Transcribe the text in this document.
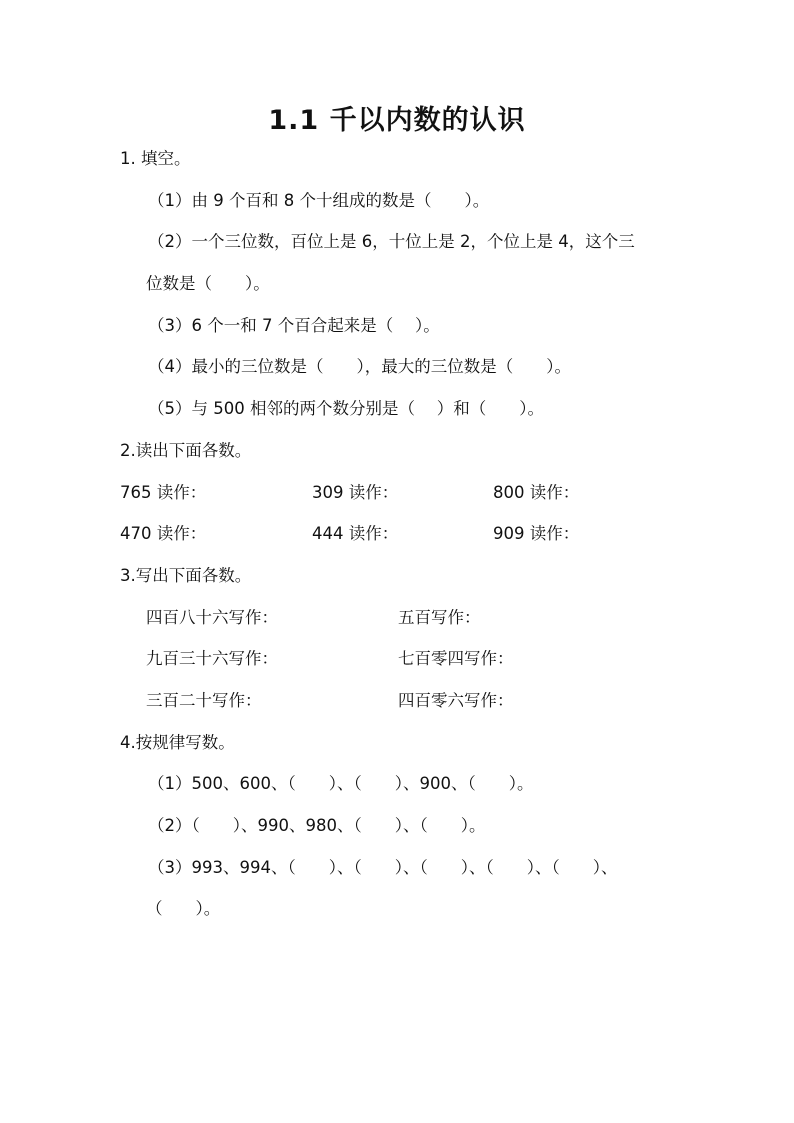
1.1 千以内数的认识
1. 填空。
（1）由 9 个百和 8 个十组成的数是（　　）。
（2）一个三位数，百位上是 6，十位上是 2，个位上是 4，这个三
位数是（　　）。
（3）6 个一和 7 个百合起来是（　 ）。
（4）最小的三位数是（　　），最大的三位数是（　　）。
（5）与 500 相邻的两个数分别是（　 ）和（　　）。
2.读出下面各数。
765 读作：	309 读作：	800 读作：
470 读作：	444 读作：	909 读作：
3.写出下面各数。
四百八十六写作：	五百写作：
九百三十六写作：	七百零四写作：
三百二十写作：	四百零六写作：
4.按规律写数。
（1）500、600、（　　）、（　　）、900、（　　）。
（2）（　　）、990、980、（　　）、（　　）。
（3）993、994、（　　）、（　　）、（　　）、（　　）、（　　）、
（　　）。
